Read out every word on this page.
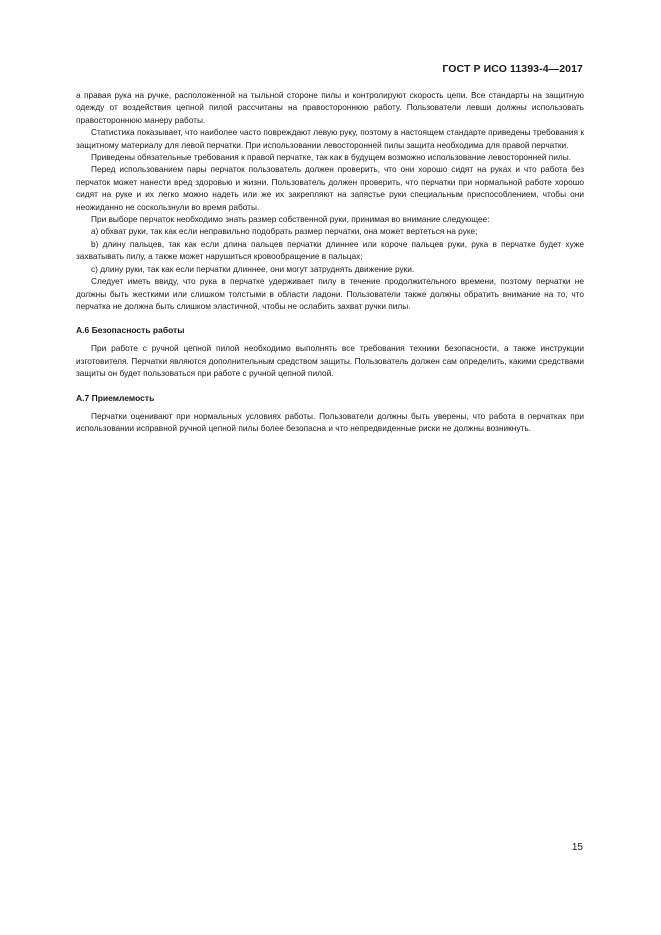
ГОСТ Р ИСО 11393-4—2017

а правая рука на ручке, расположенной на тыльной стороне пилы и контролируют скорость цепи. Все стандарты на защитную одежду от воздействия цепной пилой рассчитаны на правостороннюю работу. Пользователи левши должны использовать правостороннюю манеру работы.

Статистика показывает, что наиболее часто повреждают левую руку, поэтому в настоящем стандарте приведены требования к защитному материалу для левой перчатки. При использовании левосторонней пилы защита необходима для правой перчатки.

Приведены обязательные требования к правой перчатке, так как в будущем возможно использование левосторонней пилы.

Перед использованием пары перчаток пользователь должен проверить, что они хорошо сидят на руках и что работа без перчаток может нанести вред здоровью и жизни. Пользователь должен проверить, что перчатки при нормальной работе хорошо сидят на руке и их легко можно надеть или же их закрепляют на запястье руки специальным приспособлением, чтобы они неожиданно не соскользнули во время работы.

При выборе перчаток необходимо знать размер собственной руки, принимая во внимание следующее:

а) обхват руки, так как если неправильно подобрать размер перчатки, она может вертеться на руке;

b) длину пальцев, так как если длина пальцев перчатки длиннее или короче пальцев руки, рука в перчатке будет хуже захватывать пилу, а также может нарушиться кровообращение в пальцах;

с) длину руки, так как если перчатки длиннее, они могут затруднять движение руки.

Следует иметь ввиду, что рука в перчатке удерживает пилу в течение продолжительного времени, поэтому перчатки не должны быть жесткими или слишком толстыми в области ладони. Пользователи также должны обратить внимание на то, что перчатка не должна быть слишком эластичной, чтобы не ослабить захват ручки пилы.

А.6 Безопасность работы

При работе с ручной цепной пилой необходимо выполнять все требования техники безопасности, а также инструкции изготовителя. Перчатки являются дополнительным средством защиты. Пользователь должен сам определить, какими средствами защиты он будет пользоваться при работе с ручной цепной пилой.

А.7 Приемлемость

Перчатки оценивают при нормальных условиях работы. Пользователи должны быть уверены, что работа в перчатках при использовании исправной ручной цепной пилы более безопасна и что непредвиденные риски не должны возникнуть.

15
